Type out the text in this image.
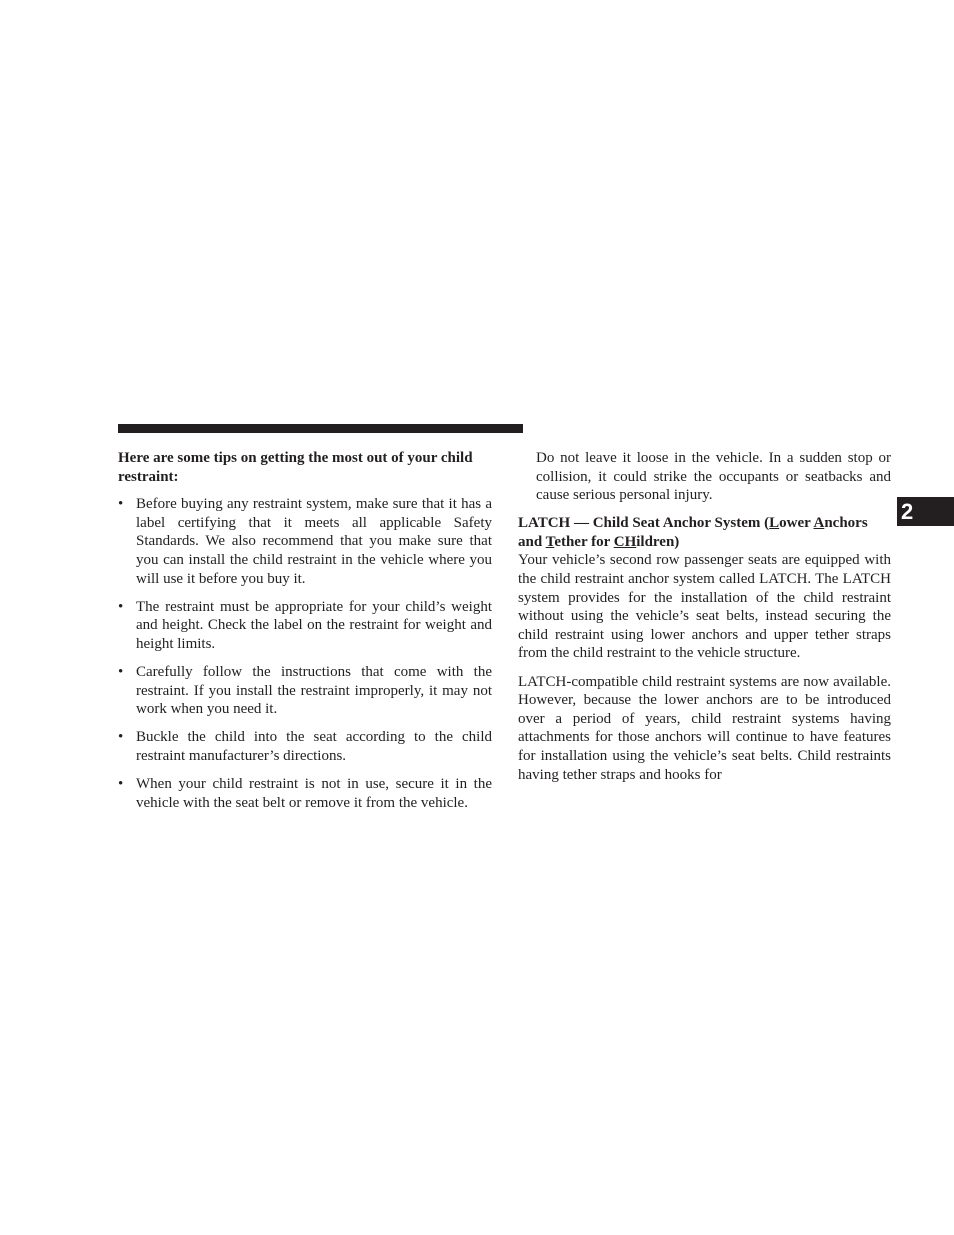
Here are some tips on getting the most out of your child restraint:

• Before buying any restraint system, make sure that it has a label certifying that it meets all applicable Safety Standards. We also recommend that you make sure that you can install the child restraint in the vehicle where you will use it before you buy it.
• The restraint must be appropriate for your child’s weight and height. Check the label on the restraint for weight and height limits.
• Carefully follow the instructions that come with the restraint. If you install the restraint improperly, it may not work when you need it.
• Buckle the child into the seat according to the child restraint manufacturer’s directions.
• When your child restraint is not in use, secure it in the vehicle with the seat belt or remove it from the vehicle.

Do not leave it loose in the vehicle. In a sudden stop or collision, it could strike the occupants or seatbacks and cause serious personal injury.

LATCH — Child Seat Anchor System (Lower Anchors and Tether for CHildren)

Your vehicle’s second row passenger seats are equipped with the child restraint anchor system called LATCH. The LATCH system provides for the installation of the child restraint without using the vehicle’s seat belts, instead securing the child restraint using lower anchors and upper tether straps from the child restraint to the vehicle structure.

LATCH-compatible child restraint systems are now available. However, because the lower anchors are to be introduced over a period of years, child restraint systems having attachments for those anchors will continue to have features for installation using the vehicle’s seat belts. Child restraints having tether straps and hooks for

2
